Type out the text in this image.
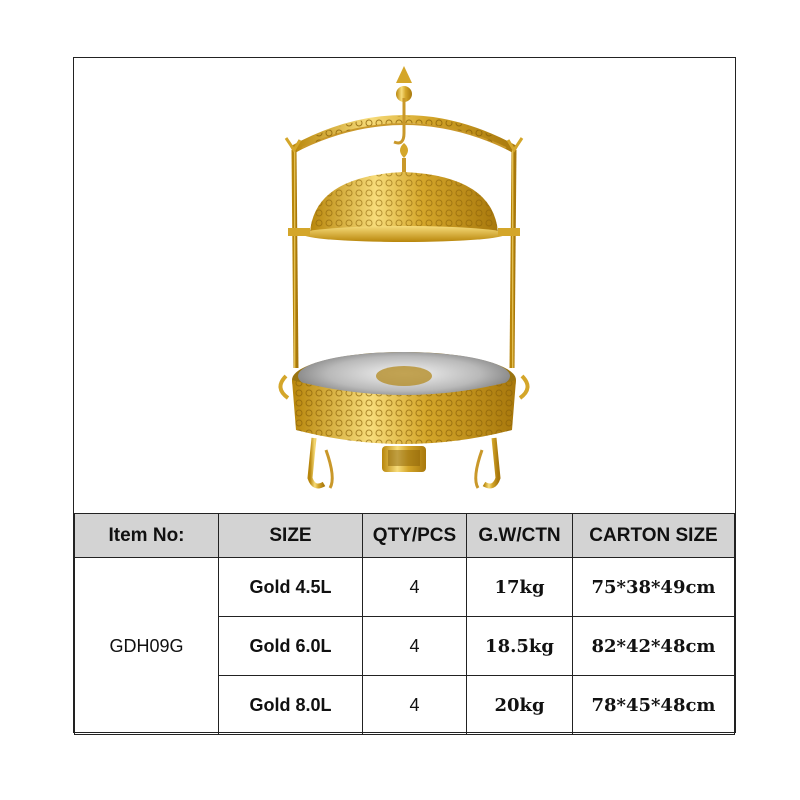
Item No:	SIZE	QTY/PCS	G.W/CTN	CARTON SIZE
GDH09G	Gold 4.5L	4	17kg	75*38*49cm
	Gold 6.0L	4	18.5kg	82*42*48cm
	Gold 8.0L	4	20kg	78*45*48cm
